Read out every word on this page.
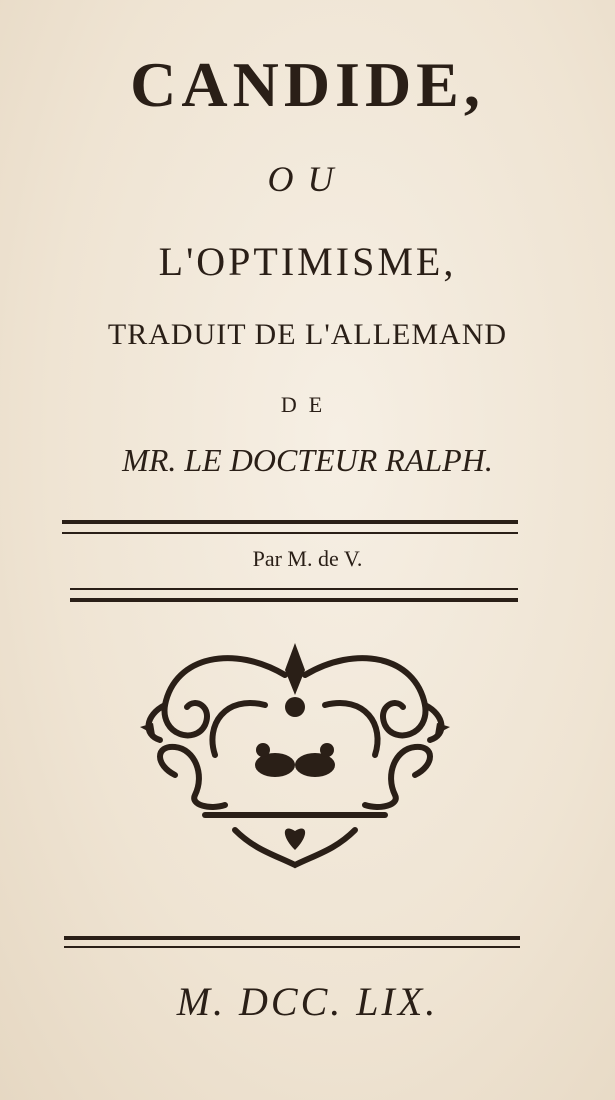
CANDIDE,
OU
L'OPTIMISME,
TRADUIT DE L'ALLEMAND
DE
MR. LE DOCTEUR RALPH.
Par M. de V.
M. DCC. LIX.
